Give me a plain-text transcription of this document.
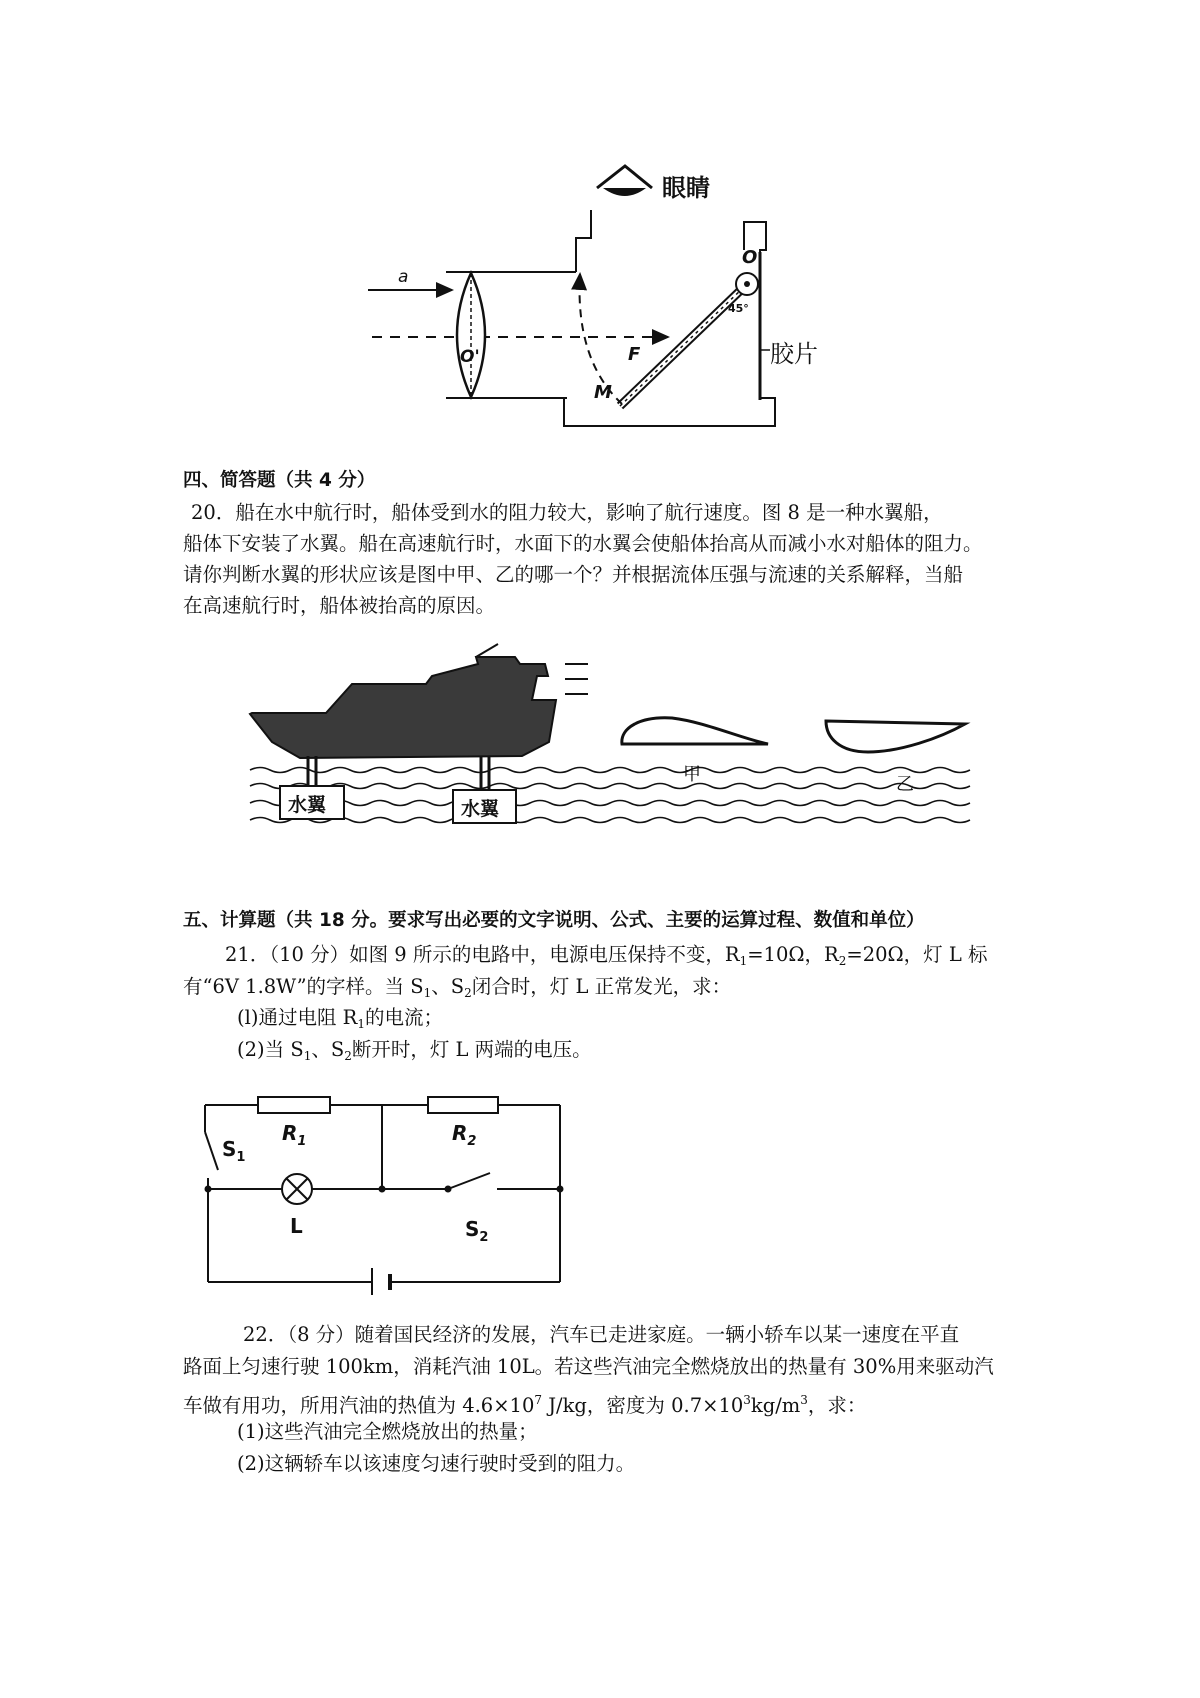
眼睛
a
O'	胶片
O
45°
M
F
四、简答题（共 4 分）
20．船在水中航行时，船体受到水的阻力较大，影响了航行速度。图 8 是一种水翼船，
船体下安装了水翼。船在高速航行时，水面下的水翼会使船体抬高从而减小水对船体的阻力。
请你判断水翼的形状应该是图中甲、乙的哪一个？并根据流体压强与流速的关系解释，当船
在高速航行时，船体被抬高的原因。
水翼	水翼
甲	乙
五、计算题（共 18 分。要求写出必要的文字说明、公式、主要的运算过程、数值和单位）
21．（10 分）如图 9 所示的电路中，电源电压保持不变，$R_1=10\Omega$，$R_2=20\Omega$，灯 L 标
有“6V 1.8W”的字样。当 $S_1$、$S_2$闭合时，灯 L 正常发光，求：
(l)通过电阻 $R_1$的电流；
(2)当 $S_1$、$S_2$断开时，灯 L 两端的电压。
$R_1$	$R_2$
$S_1$
$S_2$
L
22．（8 分）随着国民经济的发展，汽车已走进家庭。一辆小轿车以某一速度在平直
路面上匀速行驶 100km，消耗汽油 10L。若这些汽油完全燃烧放出的热量有 30%用来驱动汽
车做有用功，所用汽油的热值为 $4.6\times 10^7$ J/kg，密度为 $0.7\times 10^3kg/m^3$，求：
(1)这些汽油完全燃烧放出的热量；
(2)这辆轿车以该速度匀速行驶时受到的阻力。
